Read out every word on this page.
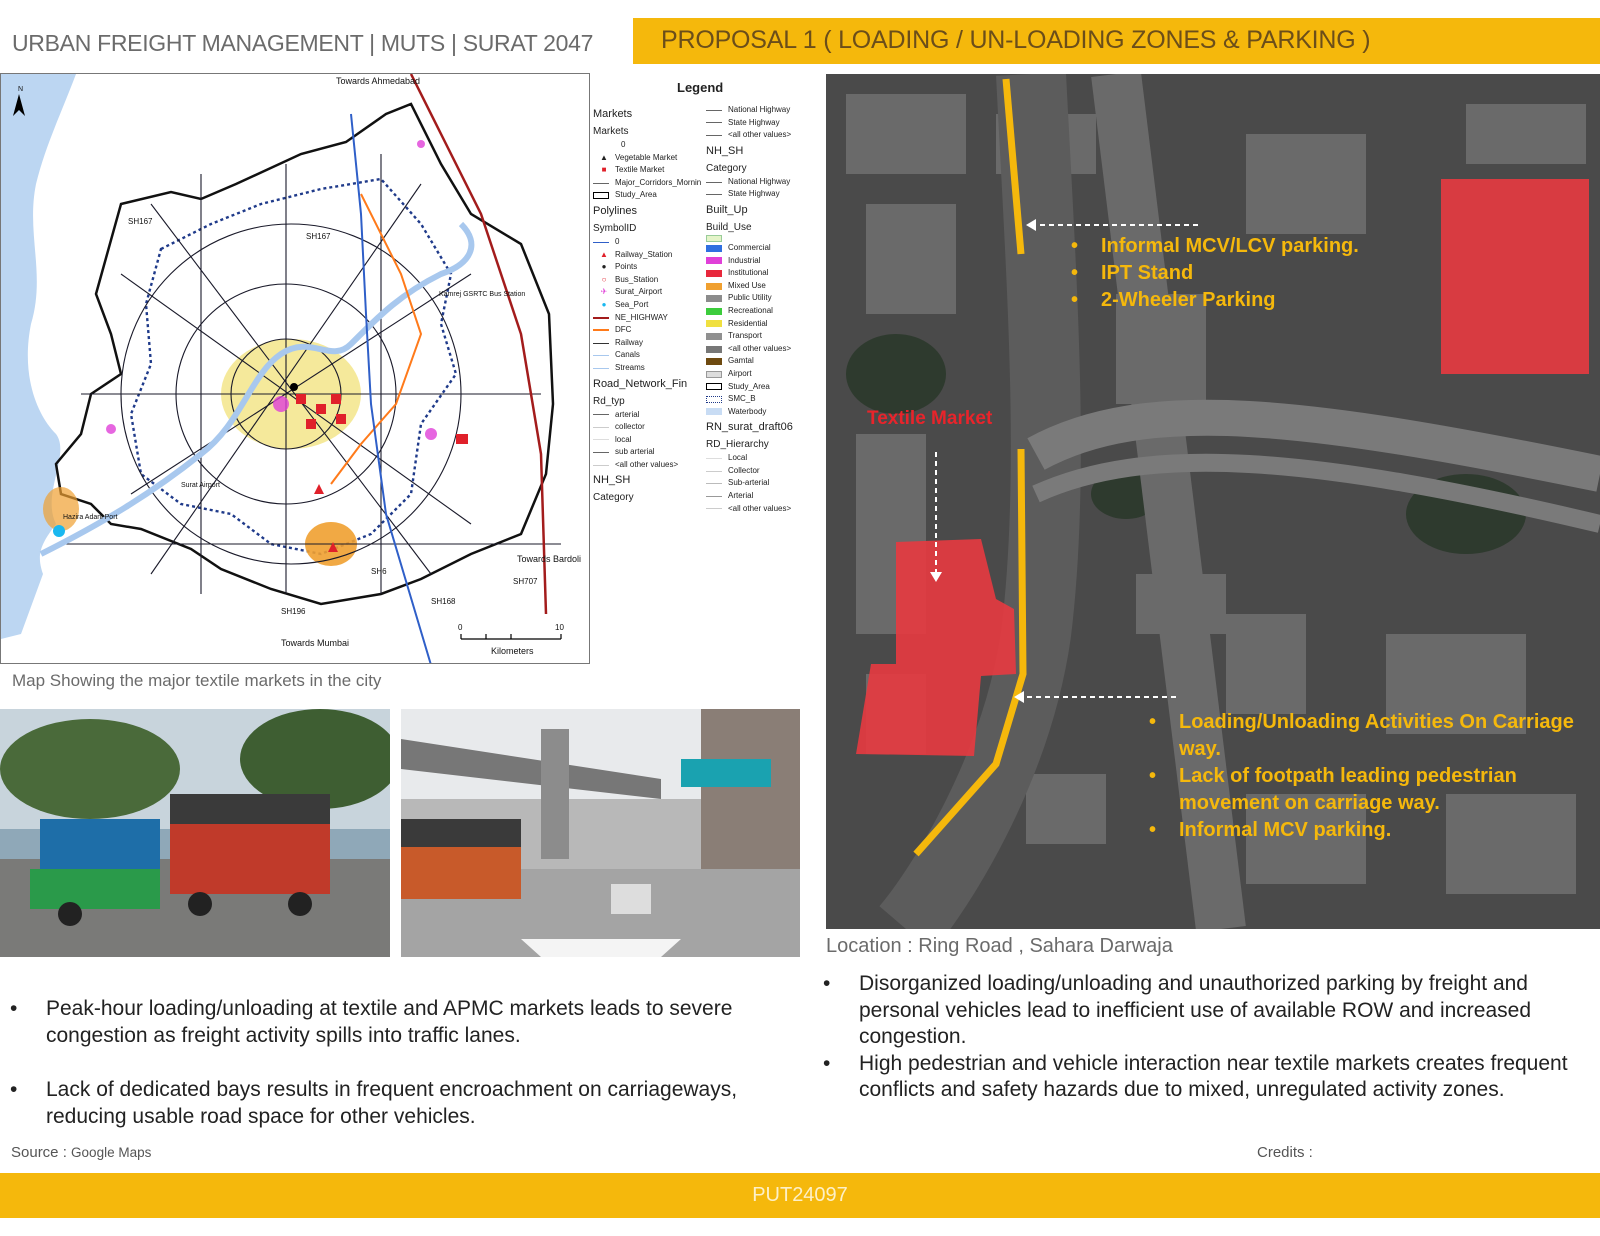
URBAN FREIGHT MANAGEMENT | MUTS | SURAT 2047	PROPOSAL 1 ( LOADING / UN-LOADING ZONES & PARKING )
N
Towards Ahmedabad
Towards Bardoli
Towards Mumbai
SH167
SH167
SH196
SH707
SH6
SH168
Hazira Adani Port
Surat Airport
Kamrej GSRTC Bus Station
0	10
Kilometers
Legend
Markets
Markets
0
▲ Vegetable Market
■	Textile Market
Major_Corridors_Mornin
Study_Area
Polylines
SymbolID
0
▲ Railway_Station
●	Points
○	Bus_Station
✈ Surat_Airport
●	Sea_Port
NE_HIGHWAY
DFC
Railway
Canals
Streams
Road_Network_Fin
Rd_typ
arterial
collector
local
sub arterial
<all other values>
NH_SH
Category
National Highway
State Highway
<all other values>
NH_SH
Category
National Highway
State Highway
Built_Up
Build_Use
Commercial
Industrial
Institutional
Mixed Use
Public Utility
Recreational
Residential
Transport
<all other values>
Gamtal
Airport
Study_Area
SMC_B
Waterbody
RN_surat_draft06
RD_Hierarchy
Local
Collector
Sub-arterial
Arterial
<all other values>
Map Showing the major textile markets in the city
•	Informal MCV/LCV parking.
•	IPT Stand
•	2-Wheeler Parking
•	Loading/Unloading Activities On Carriage way.
•	Lack of footpath leading pedestrian movement on carriage way.
•	Informal MCV parking.
Textile Market
Location : Ring Road , Sahara Darwaja
•	Peak-hour loading/unloading at textile and APMC markets leads to severe congestion as freight activity spills into traffic lanes.
•	Lack of dedicated bays results in frequent encroachment on carriageways, reducing usable road space for other vehicles.
•	Disorganized loading/unloading and unauthorized parking by freight and personal vehicles lead to inefficient use of available ROW and increased congestion.
•	High pedestrian and vehicle interaction near textile markets creates frequent conflicts and safety hazards due to mixed, unregulated activity zones.
Source : Google Maps	Credits :
PUT24097
